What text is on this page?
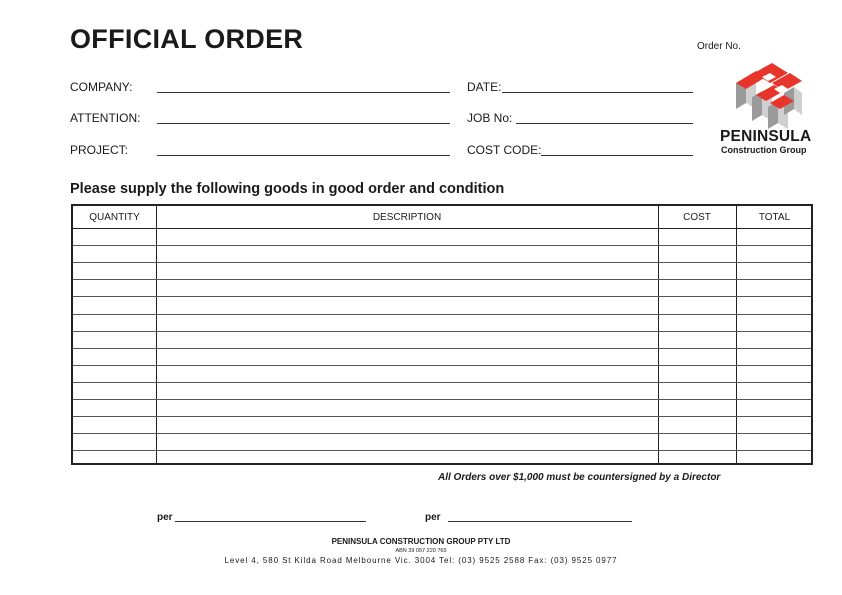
OFFICIAL ORDER	Order No.
COMPANY:
ATTENTION:
PROJECT:
DATE:
JOB No:
COST CODE:
PENINSULA
Construction Group
Please supply the following goods in good order and condition
QUANTITY	DESCRIPTION	COST	TOTAL
All Orders over $1,000 must be countersigned by a Director
per	per
PENINSULA CONSTRUCTION GROUP PTY LTD
ABN 39 057 220 765
Level 4, 580 St Kilda Road Melbourne Vic. 3004 Tel: (03) 9525 2588 Fax: (03) 9525 0977
